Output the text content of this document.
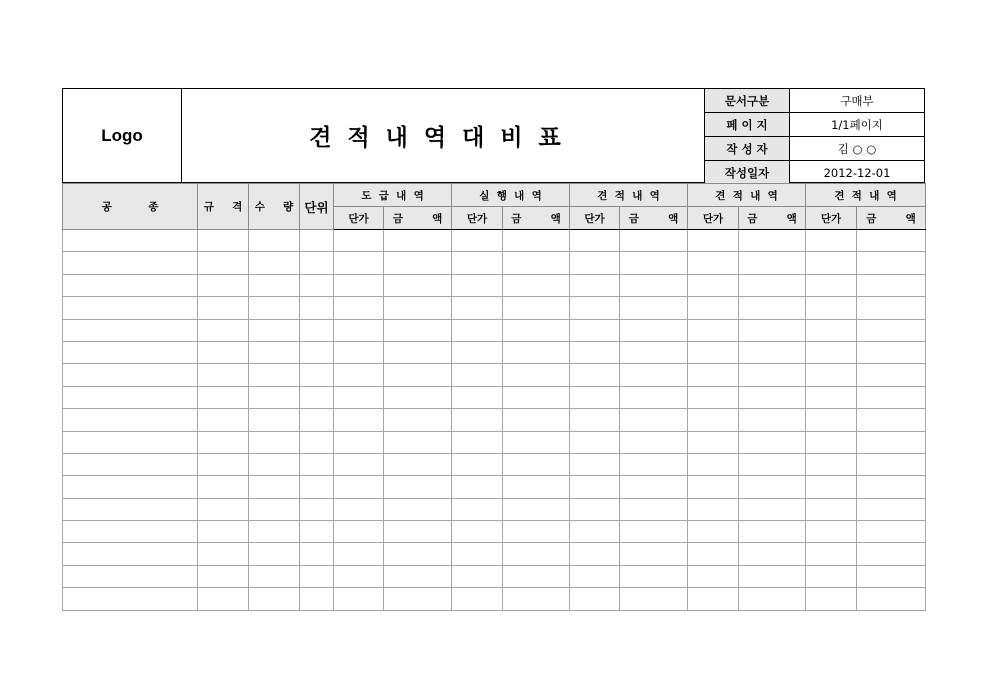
Logo	견적내역대비표
문서구분	구매부
페 이 지	1/1페이지
작 성 자	김 ○ ○
작성일자	2012-12-01
공          종	규     격	수     량	단위	도  급  내  역		실  행  내  역		견  적  내  역		견  적  내  역		견  적  내  역	
				단가	금        액	단가	금        액	단가	금        액	단가	금        액	단가	금        액
